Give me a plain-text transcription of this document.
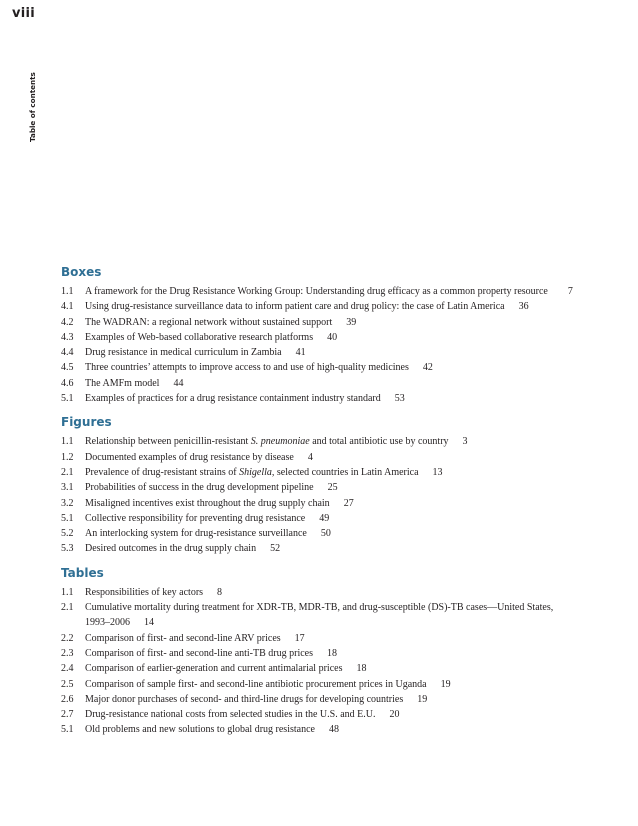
viii
Table of contents
Boxes
1.1	A framework for the Drug Resistance Working Group: Understanding drug efficacy as a common property resource 7
4.1	Using drug-resistance surveillance data to inform patient care and drug policy: the case of Latin America 36
4.2	The WADRAN: a regional network without sustained support 39
4.3	Examples of Web-based collaborative research platforms 40
4.4	Drug resistance in medical curriculum in Zambia 41
4.5	Three countries’ attempts to improve access to and use of high-quality medicines 42
4.6	The AMFm model 44
5.1	Examples of practices for a drug resistance containment industry standard 53
Figures
1.1	Relationship between penicillin-resistant S. pneumoniae and total antibiotic use by country 3
1.2	Documented examples of drug resistance by disease 4
2.1	Prevalence of drug-resistant strains of Shigella, selected countries in Latin America 13
3.1	Probabilities of success in the drug development pipeline 25
3.2	Misaligned incentives exist throughout the drug supply chain 27
5.1	Collective responsibility for preventing drug resistance 49
5.2	An interlocking system for drug-resistance surveillance 50
5.3	Desired outcomes in the drug supply chain 52
Tables
1.1	Responsibilities of key actors 8
2.1	Cumulative mortality during treatment for XDR-TB, MDR-TB, and drug-susceptible (DS)-TB cases—United States,
1993–2006 14
2.2	Comparison of first- and second-line ARV prices 17
2.3	Comparison of first- and second-line anti-TB drug prices 18
2.4	Comparison of earlier-generation and current antimalarial prices 18
2.5	Comparison of sample first- and second-line antibiotic procurement prices in Uganda 19
2.6	Major donor purchases of second- and third-line drugs for developing countries 19
2.7	Drug-resistance national costs from selected studies in the U.S. and E.U. 20
5.1	Old problems and new solutions to global drug resistance 48
